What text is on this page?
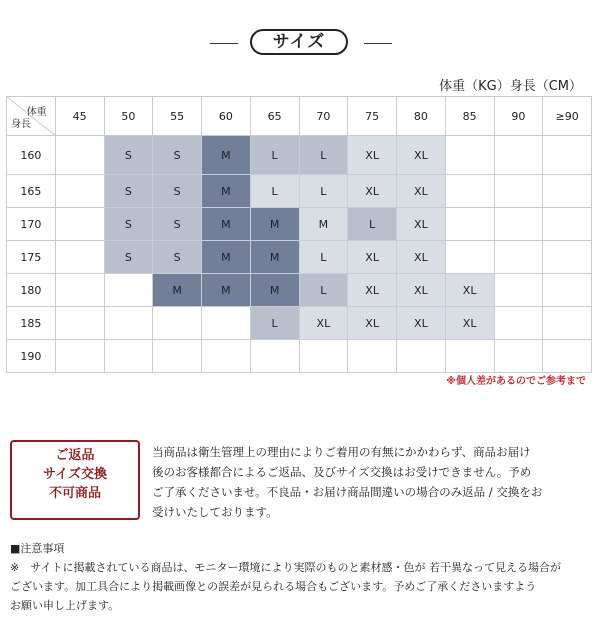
サイズ
体重（KG）身長（CM）
体重
身長	45	50	55	60	65	70	75	80	85	90	≥90
160		S	S	M	L	L	XL	XL			
165		S	S	M	L	L	XL	XL			
170		S	S	M	M	M	L	XL			
175		S	S	M	M	L	XL	XL			
180			M	M	M	L	XL	XL	XL		
185					L	XL	XL	XL	XL		
190											
※個人差があるのでご参考まで
ご返品
サイズ交換
不可商品

当商品は衛生管理上の理由によりご着用の有無にかかわらず、商品お届け

後のお客様都合によるご返品、及びサイズ交換はお受けできません。予め

ご了承くださいませ。不良品・お届け商品間違いの場合のみ返品 / 交換をお

受けいたしております。

■注意事項

※　サイトに掲載されている商品は、モニター環境により実際のものと素材感・色が 若干異なって見える場合が

ございます。加工具合により掲載画像との誤差が見られる場合もございます。予めご了承くださいますよう

お願い申し上げます。
